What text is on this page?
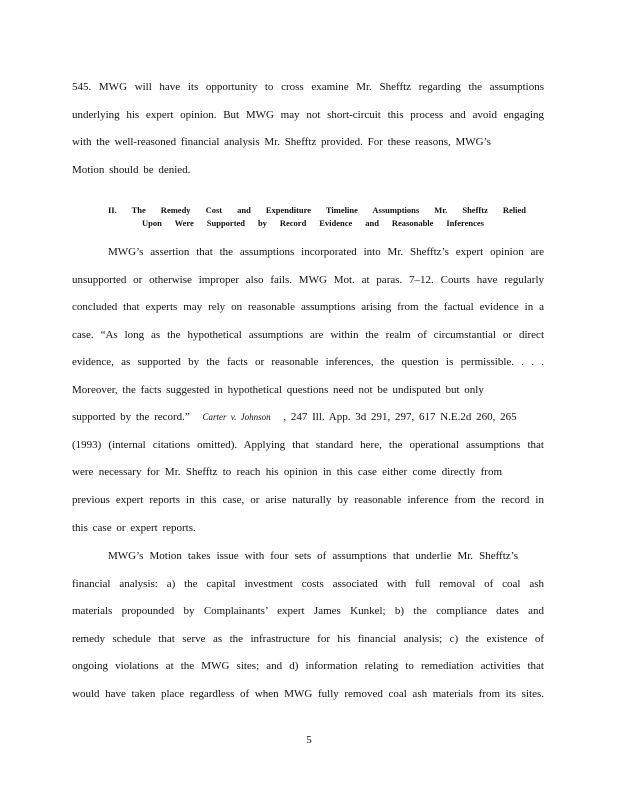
545. MWG will have its opportunity to cross examine Mr. Shefftz regarding the assumptions
underlying his expert opinion. But MWG may not short-circuit this process and avoid engaging
with the well-reasoned financial analysis Mr. Shefftz provided. For these reasons, MWG’s
Motion should be denied.
II. The Remedy Cost and Expenditure Timeline Assumptions Mr. Shefftz Relied
Upon Were Supported by Record Evidence and Reasonable Inferences
MWG’s assertion that the assumptions incorporated into Mr. Shefftz’s expert opinion are
unsupported or otherwise improper also fails. MWG Mot. at paras. 7–12. Courts have regularly
concluded that experts may rely on reasonable assumptions arising from the factual evidence in a
case. “As long as the hypothetical assumptions are within the realm of circumstantial or direct
evidence, as supported by the facts or reasonable inferences, the question is permissible. . . .
Moreover, the facts suggested in hypothetical questions need not be undisputed but only
supported by the record.” Carter v. Johnson , 247 Ill. App. 3d 291, 297, 617 N.E.2d 260, 265
(1993) (internal citations omitted). Applying that standard here, the operational assumptions that
were necessary for Mr. Shefftz to reach his opinion in this case either come directly from
previous expert reports in this case, or arise naturally by reasonable inference from the record in
this case or expert reports.
MWG’s Motion takes issue with four sets of assumptions that underlie Mr. Shefftz’s
financial analysis: a) the capital investment costs associated with full removal of coal ash
materials propounded by Complainants’ expert James Kunkel; b) the compliance dates and
remedy schedule that serve as the infrastructure for his financial analysis; c) the existence of
ongoing violations at the MWG sites; and d) information relating to remediation activities that
would have taken place regardless of when MWG fully removed coal ash materials from its sites.
5
